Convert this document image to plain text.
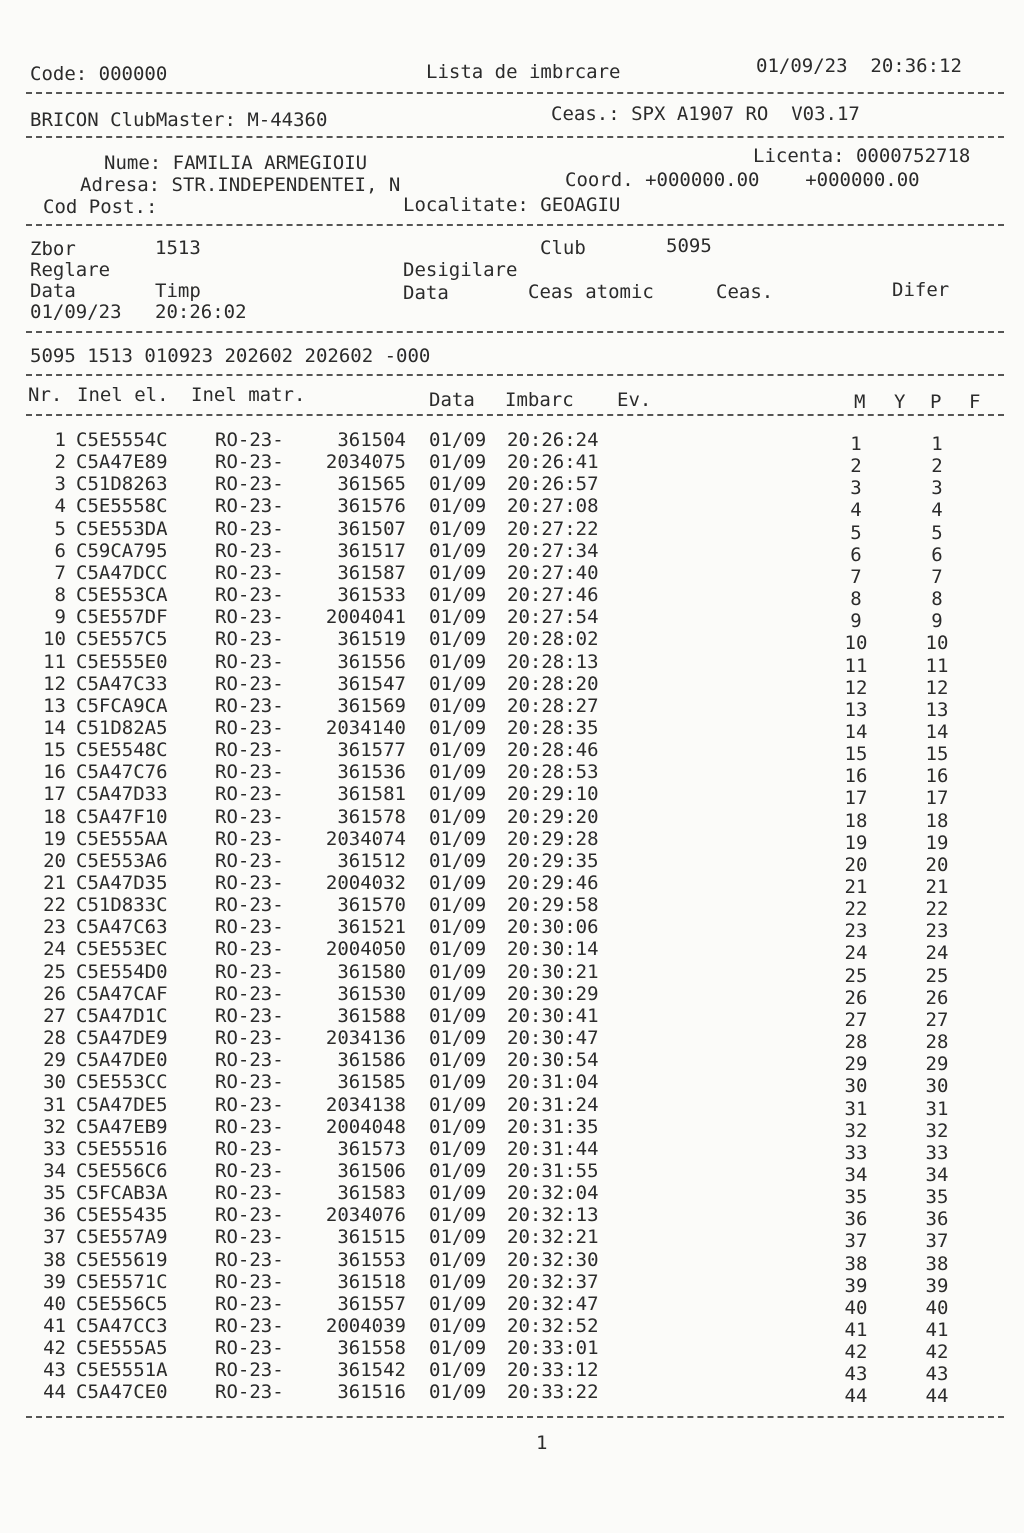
Code: 000000	Lista de imbrcare	01/09/23  20:36:12
BRICON ClubMaster: M-44360	Ceas.: SPX A1907 RO  V03.17
Nume: FAMILIA ARMEGIOIU	Licenta: 0000752718
Adresa: STR.INDEPENDENTEI, N	Coord. +000000.00    +000000.00
Cod Post.:	Localitate: GEOAGIU
Zbor	1513	Club	5095
Reglare	Desigilare
Data	Timp	Data	Ceas atomic	Ceas.	Difer
01/09/23 20:26:02
5095 1513 010923 202602 202602 -000
Nr. Inel el. Inel matr.	Data Imbarc Ev.	M Y P F
1 C5E5554C RO-23-	361504 01/09 20:26:24	1	1
2 C5A47E89 RO-23-	2034075 01/09 20:26:41	2	2
3 C51D8263 RO-23-	361565 01/09 20:26:57	3	3
4 C5E5558C RO-23-	361576 01/09 20:27:08	4	4
5 C5E553DA RO-23-	361507 01/09 20:27:22	5	5
6 C59CA795 RO-23-	361517 01/09 20:27:34	6	6
7 C5A47DCC RO-23-	361587 01/09 20:27:40	7	7
8 C5E553CA RO-23-	361533 01/09 20:27:46	8	8
9 C5E557DF RO-23-	2004041 01/09 20:27:54	9	9
10 C5E557C5 RO-23-	361519 01/09 20:28:02	10	10
11 C5E555E0 RO-23-	361556 01/09 20:28:13	11	11
12 C5A47C33 RO-23-	361547 01/09 20:28:20	12	12
13 C5FCA9CA RO-23-	361569 01/09 20:28:27	13	13
14 C51D82A5 RO-23-	2034140 01/09 20:28:35	14	14
15 C5E5548C RO-23-	361577 01/09 20:28:46	15	15
16 C5A47C76 RO-23-	361536 01/09 20:28:53	16	16
17 C5A47D33 RO-23-	361581 01/09 20:29:10	17	17
18 C5A47F10 RO-23-	361578 01/09 20:29:20	18	18
19 C5E555AA RO-23-	2034074 01/09 20:29:28	19	19
20 C5E553A6 RO-23-	361512 01/09 20:29:35	20	20
21 C5A47D35 RO-23-	2004032 01/09 20:29:46	21	21
22 C51D833C RO-23-	361570 01/09 20:29:58	22	22
23 C5A47C63 RO-23-	361521 01/09 20:30:06	23	23
24 C5E553EC RO-23-	2004050 01/09 20:30:14	24	24
25 C5E554D0 RO-23-	361580 01/09 20:30:21	25	25
26 C5A47CAF RO-23-	361530 01/09 20:30:29	26	26
27 C5A47D1C RO-23-	361588 01/09 20:30:41	27	27
28 C5A47DE9 RO-23-	2034136 01/09 20:30:47	28	28
29 C5A47DE0 RO-23-	361586 01/09 20:30:54	29	29
30 C5E553CC RO-23-	361585 01/09 20:31:04	30	30
31 C5A47DE5 RO-23-	2034138 01/09 20:31:24	31	31
32 C5A47EB9 RO-23-	2004048 01/09 20:31:35	32	32
33 C5E55516 RO-23-	361573 01/09 20:31:44	33	33
34 C5E556C6 RO-23-	361506 01/09 20:31:55	34	34
35 C5FCAB3A RO-23-	361583 01/09 20:32:04	35	35
36 C5E55435 RO-23-	2034076 01/09 20:32:13	36	36
37 C5E557A9 RO-23-	361515 01/09 20:32:21	37	37
38 C5E55619 RO-23-	361553 01/09 20:32:30	38	38
39 C5E5571C RO-23-	361518 01/09 20:32:37	39	39
40 C5E556C5 RO-23-	361557 01/09 20:32:47	40	40
41 C5A47CC3 RO-23-	2004039 01/09 20:32:52	41	41
42 C5E555A5 RO-23-	361558 01/09 20:33:01	42	42
43 C5E5551A RO-23-	361542 01/09 20:33:12	43	43
44 C5A47CE0 RO-23-	361516 01/09 20:33:22	44	44
1
